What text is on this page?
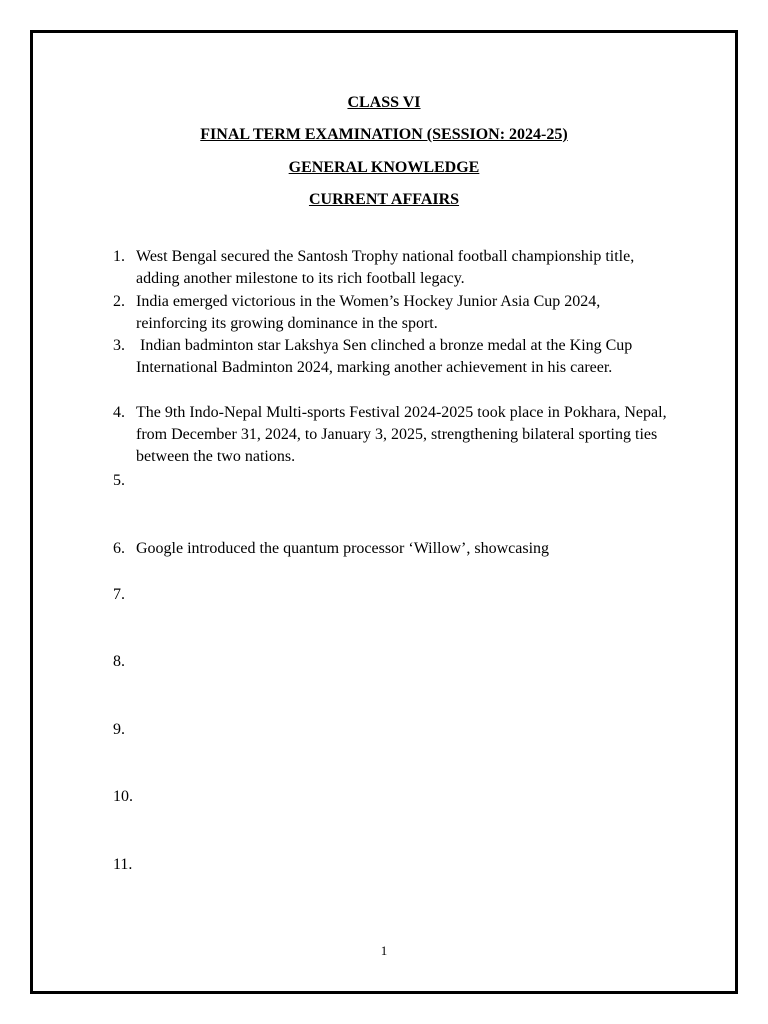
CLASS VI
FINAL TERM EXAMINATION (SESSION: 2024-25)
GENERAL KNOWLEDGE
CURRENT AFFAIRS
1. West Bengal secured the Santosh Trophy national football championship title, adding another milestone to its rich football legacy.
2. India emerged victorious in the Women’s Hockey Junior Asia Cup 2024, reinforcing its growing dominance in the sport.
3. Indian badminton star Lakshya Sen clinched a bronze medal at the King Cup International Badminton 2024, marking another achievement in his career.
4. The 9th Indo-Nepal Multi-sports Festival 2024-2025 took place in Pokhara, Nepal, from December 31, 2024, to January 3, 2025, strengthening bilateral sporting ties between the two nations.
5.
6. Google introduced the quantum processor ‘Willow’, showcasing
7.
8.
9.
10.
11.
1
